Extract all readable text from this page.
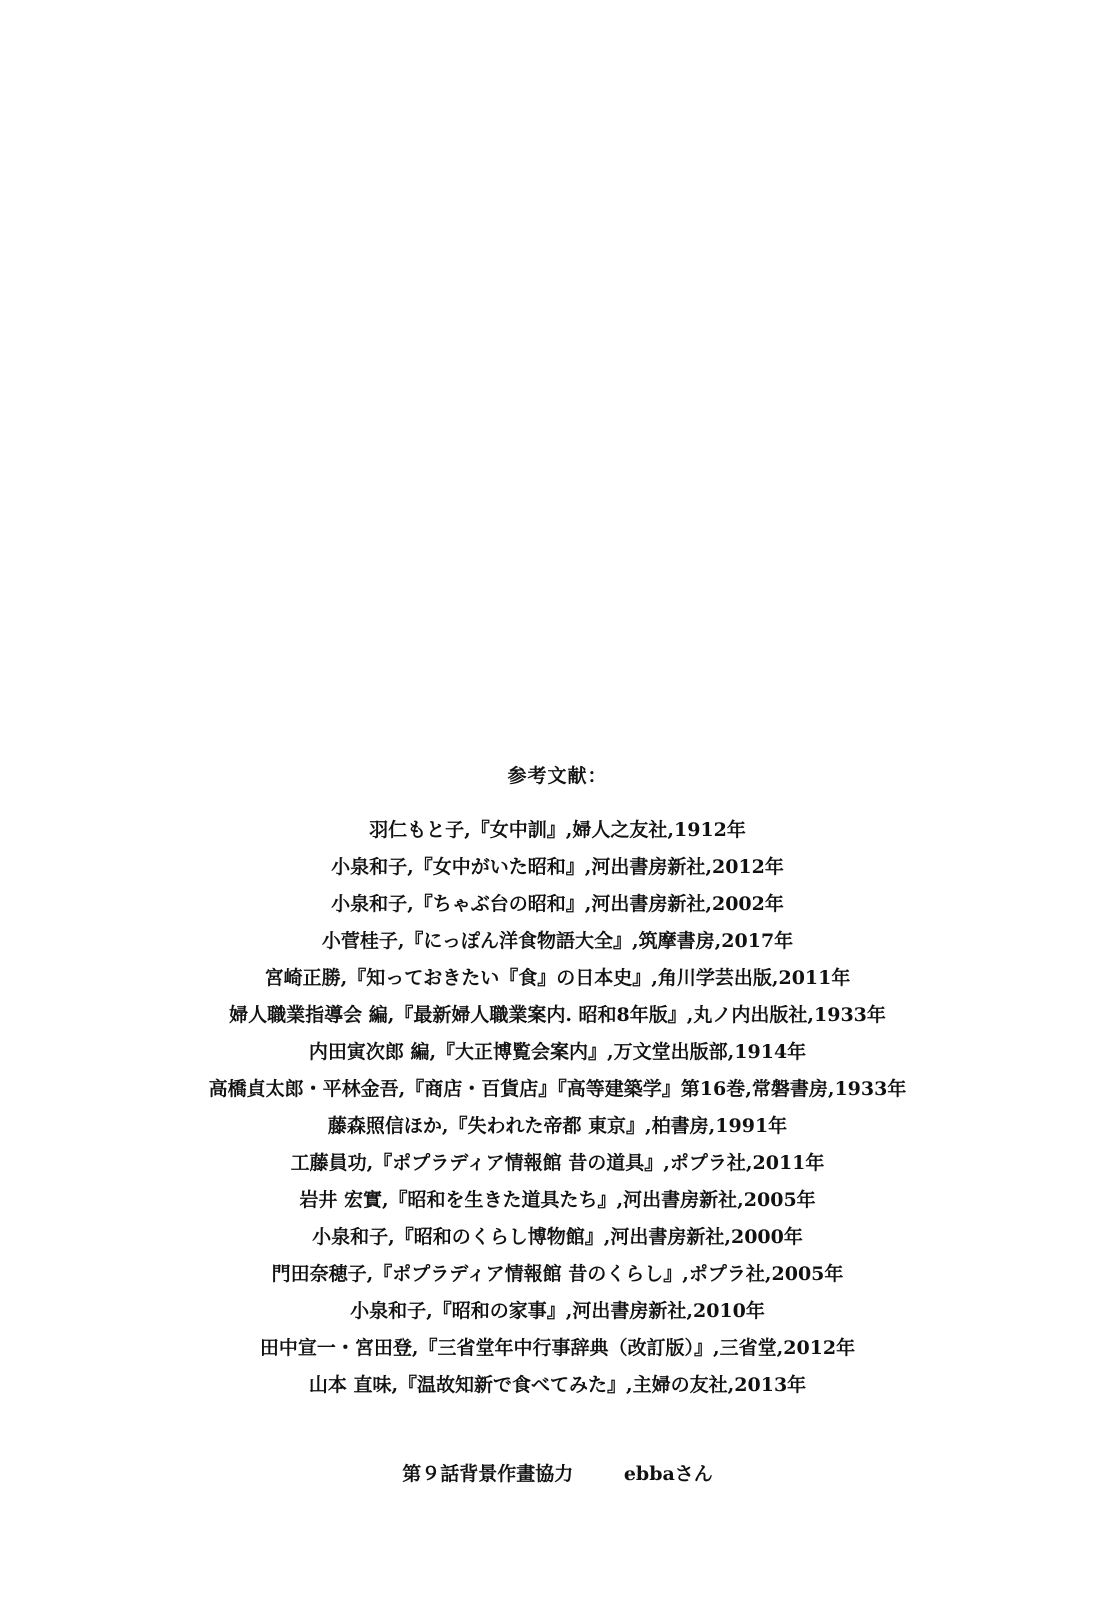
参考文献：
羽仁もと子,『女中訓』,婦人之友社,1912年
小泉和子,『女中がいた昭和』,河出書房新社,2012年
小泉和子,『ちゃぶ台の昭和』,河出書房新社,2002年
小菅桂子,『にっぽん洋食物語大全』,筑摩書房,2017年
宮崎正勝,『知っておきたい『食』の日本史』,角川学芸出版,2011年
婦人職業指導会 編,『最新婦人職業案内. 昭和8年版』,丸ノ内出版社,1933年
内田寅次郎 編,『大正博覧会案内』,万文堂出版部,1914年
高橋貞太郎・平林金吾,『商店・百貨店』『高等建築学』第16巻,常磐書房,1933年
藤森照信ほか,『失われた帝都 東京』,柏書房,1991年
工藤員功,『ポプラディア情報館 昔の道具』,ポプラ社,2011年
岩井 宏實,『昭和を生きた道具たち』,河出書房新社,2005年
小泉和子,『昭和のくらし博物館』,河出書房新社,2000年
門田奈穂子,『ポプラディア情報館 昔のくらし』,ポプラ社,2005年
小泉和子,『昭和の家事』,河出書房新社,2010年
田中宣一・宮田登,『三省堂年中行事辞典（改訂版）』,三省堂,2012年
山本 直味,『温故知新で食べてみた』,主婦の友社,2013年
第９話背景作畫協力	ebbaさん
